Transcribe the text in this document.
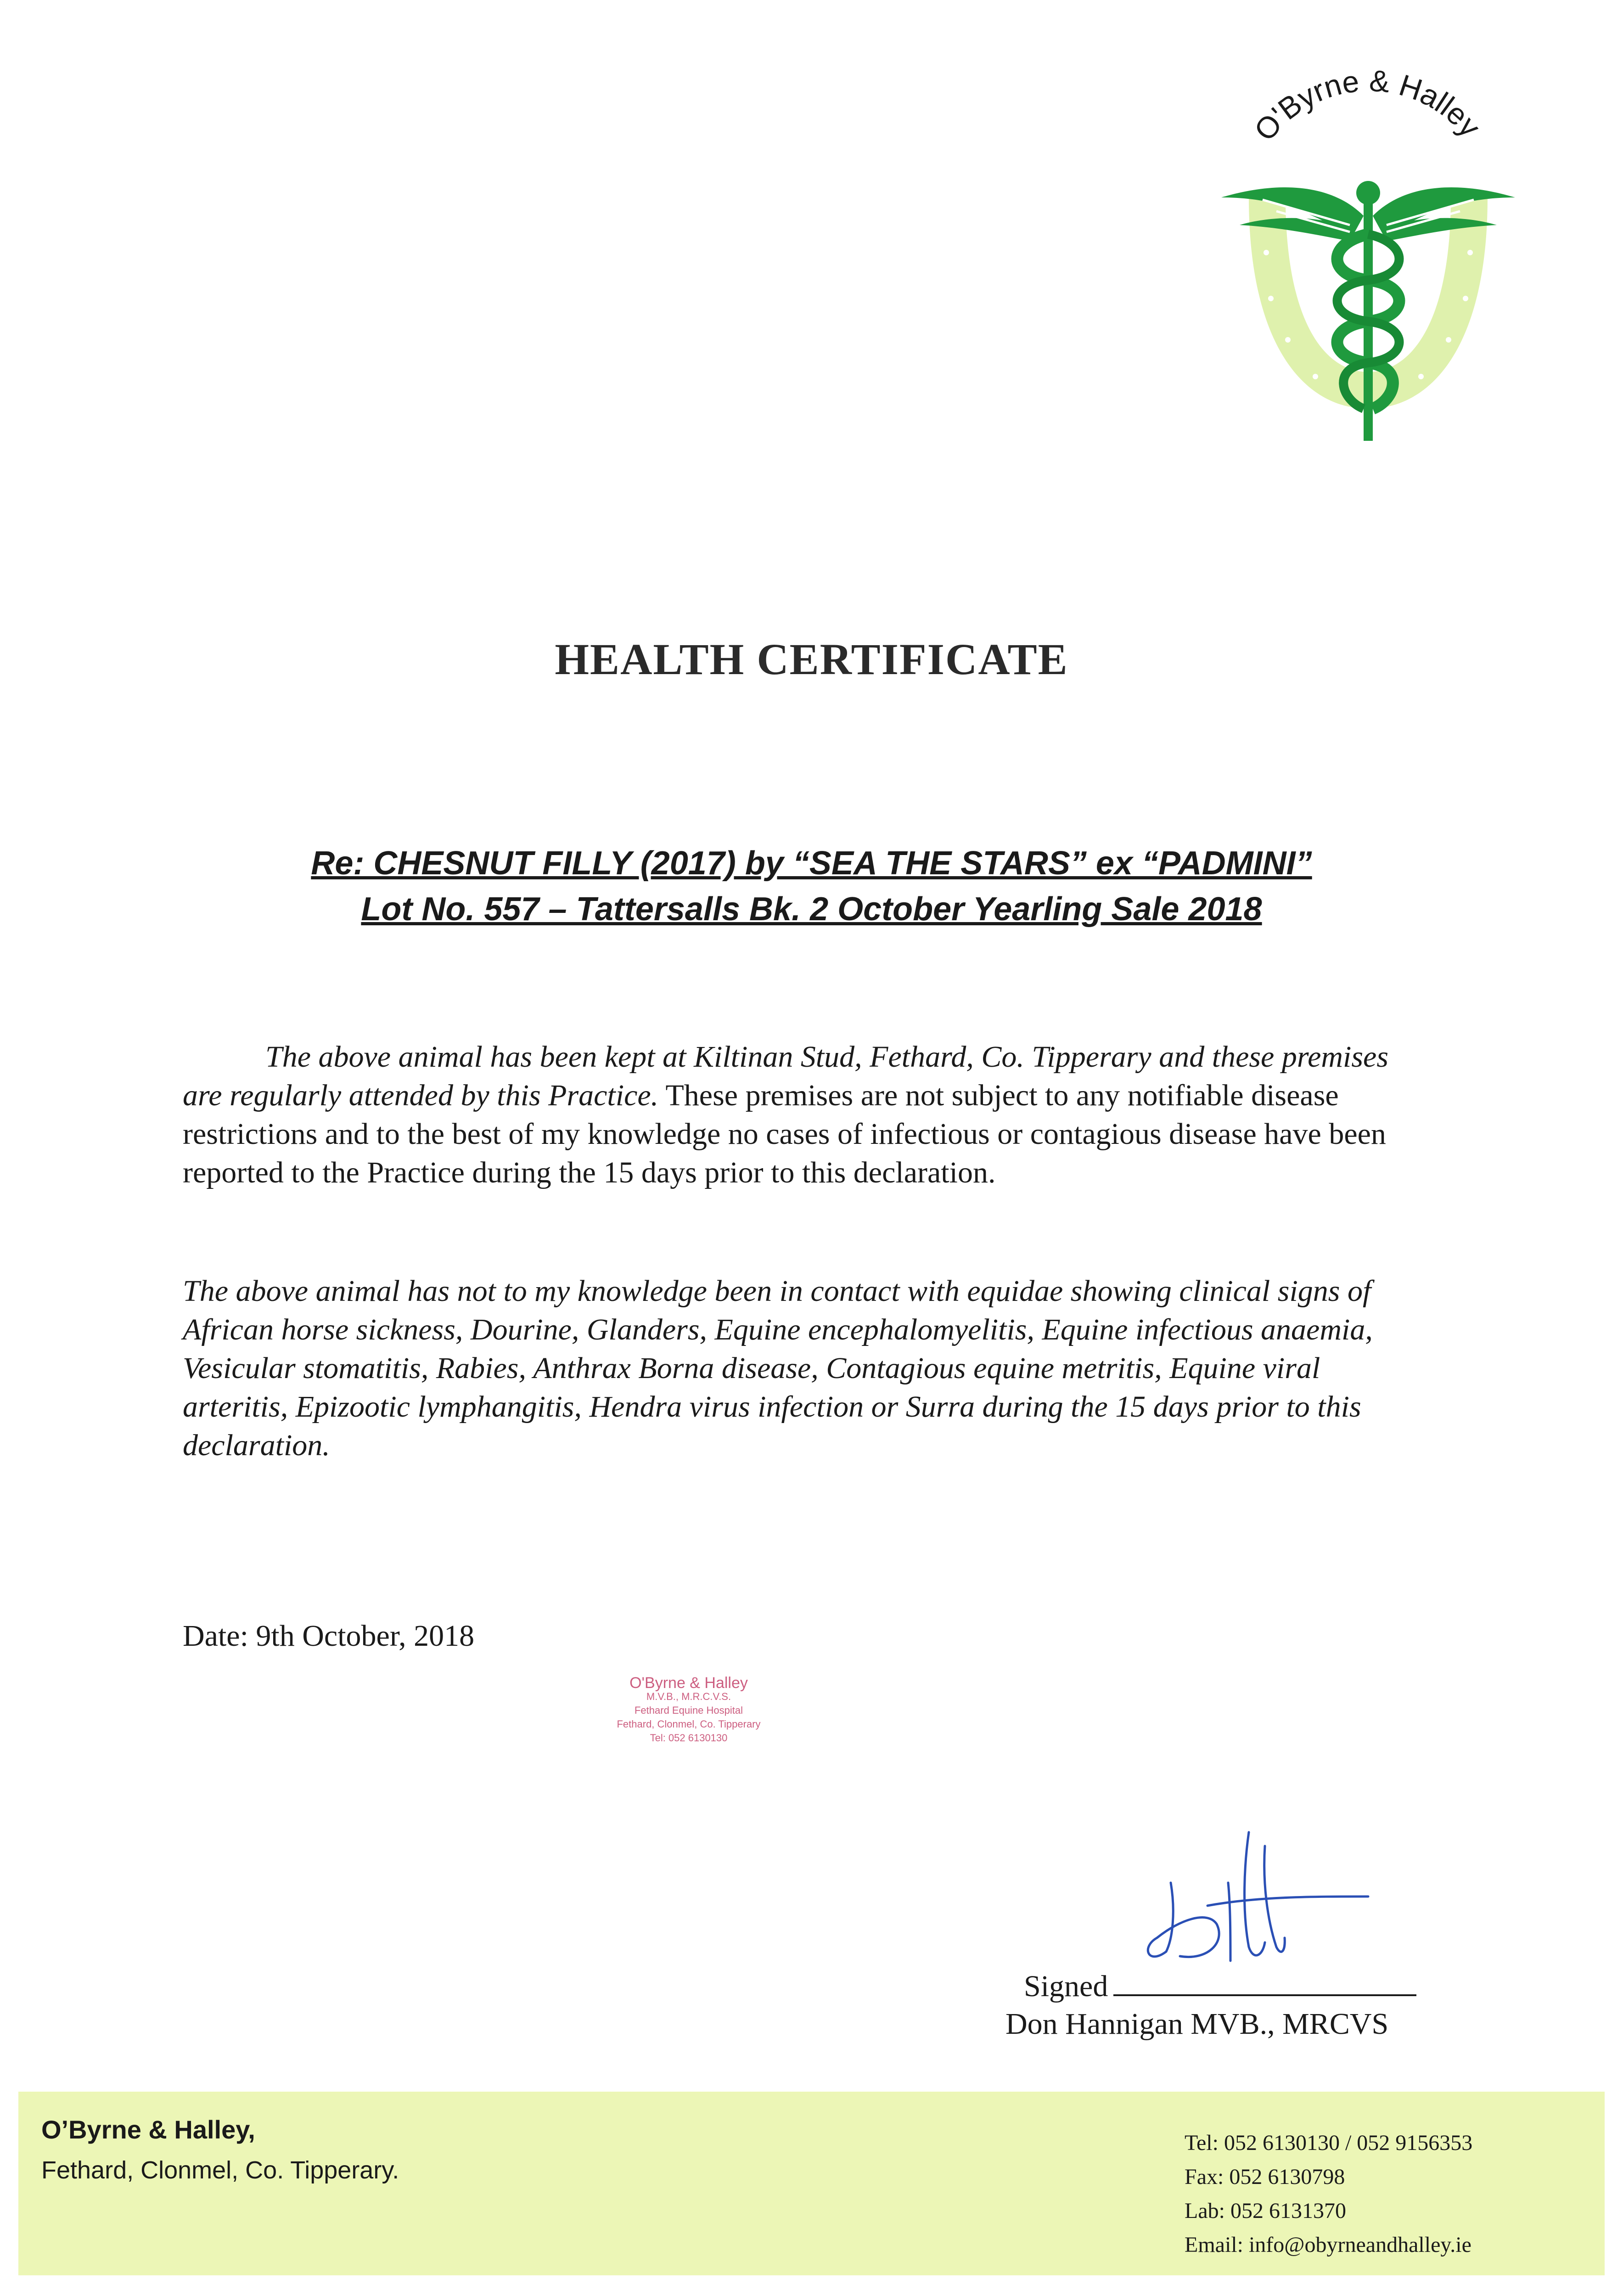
O'Byrne & Halley
HEALTH CERTIFICATE
Re: CHESNUT FILLY (2017) by “SEA THE STARS” ex “PADMINI”
Lot No. 557 – Tattersalls Bk. 2 October Yearling Sale 2018
The above animal has been kept at Kiltinan Stud, Fethard, Co. Tipperary and these premises are regularly attended by this Practice. These premises are not subject to any notifiable disease restrictions and to the best of my knowledge no cases of infectious or contagious disease have been reported to the Practice during the 15 days prior to this declaration.
The above animal has not to my knowledge been in contact with equidae showing clinical signs of African horse sickness, Dourine, Glanders, Equine encephalomyelitis, Equine infectious anaemia, Vesicular stomatitis, Rabies, Anthrax Borna disease, Contagious equine metritis, Equine viral arteritis, Epizootic lymphangitis, Hendra virus infection or Surra during the 15 days prior to this declaration.
Date: 9th October, 2018
O'Byrne & Halley
M.V.B., M.R.C.V.S.
Fethard Equine Hospital
Fethard, Clonmel, Co. Tipperary
Tel: 052 6130130
Signed
Don Hannigan MVB., MRCVS
O’Byrne & Halley,
Fethard, Clonmel, Co. Tipperary.
Tel: 052 6130130 / 052 9156353
Fax: 052 6130798
Lab: 052 6131370
Email: info@obyrneandhalley.ie
